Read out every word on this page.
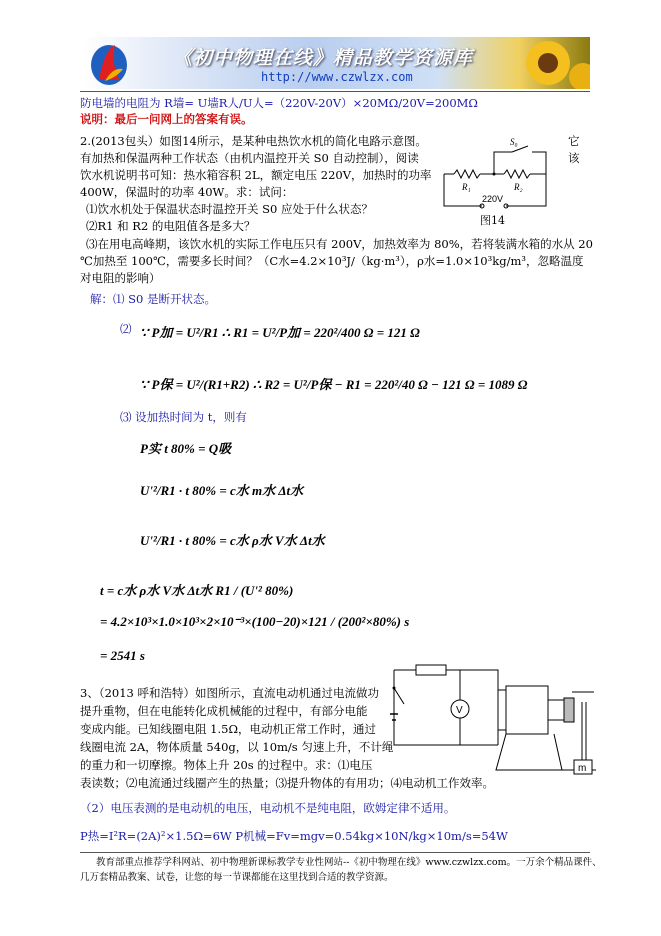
《初中物理在线》精品教学资源库
http://www.czwlzx.com
防电墙的电阻为 R墙= U墙R人/U人=（220V-20V）×20MΩ/20V=200MΩ
说明：最后一问网上的答案有误。
2.(2013包头）如图14所示，是某种电热饮水机的简化电路示意图。	它
有加热和保温两种工作状态（由机内温控开关 S0 自动控制），阅读	该
饮水机说明书可知：热水箱容积 2L，额定电压 220V，加热时的功率
400W，保温时的功率 40W。求：试问：
⑴饮水机处于保温状态时温控开关 S0 应处于什么状态？
⑵R1 和 R2 的电阻值各是多大？
⑶在用电高峰期，该饮水机的实际工作电压只有 200V，加热效率为 80%，若将装满水箱的水从 20
℃加热至 100℃，需要多长时间？（C水=4.2×10³J/（kg·m³），ρ水=1.0×10³kg/m³，忽略温度
对电阻的影响）
S₀
R₁	R₂
220V
图14
解：⑴ S0 是断开状态。
⑵ ∵ P加 = U²/R1 ∴ R1 = U²/P加 = 220²/400 Ω = 121 Ω
∵ P保 = U²/(R1+R2) ∴ R2 = U²/P保 − R1 = 220²/40 Ω − 121 Ω = 1089 Ω
⑶ 设加热时间为 t，则有
P实 t 80% = Q吸
U'²/R1 · t 80% = c水 m水 Δt水
U'²/R1 · t 80% = c水 ρ水 V水 Δt水
t = c水 ρ水 V水 Δt水 R1 / (U'² 80%)
= 4.2×10³×1.0×10³×2×10⁻³×(100−20)×121 / (200²×80%) s
= 2541 s
3、（2013 呼和浩特）如图所示，直流电动机通过电流做功
提升重物，但在电能转化成机械能的过程中，有部分电能
变成内能。已知线圈电阻 1.5Ω，电动机正常工作时，通过
线圈电流 2A，物体质量 540g，以 10m/s 匀速上升，不计绳
的重力和一切摩擦。物体上升 20s 的过程中。求：⑴电压
表读数；⑵电流通过线圈产生的热量；⑶提升物体的有用功；⑷电动机工作效率。
（2）电压表测的是电动机的电压，电动机不是纯电阻，欧姆定律不适用。
P热=I²R=(2A)²×1.5Ω=6W P机械=Fv=mgv=0.54kg×10N/kg×10m/s=54W
V
m
教育部重点推荐学科网站、初中物理新课标教学专业性网站--《初中物理在线》www.czwlzx.com。一万余个精品课件、
几万套精品教案、试卷，让您的每一节课都能在这里找到合适的教学资源。
